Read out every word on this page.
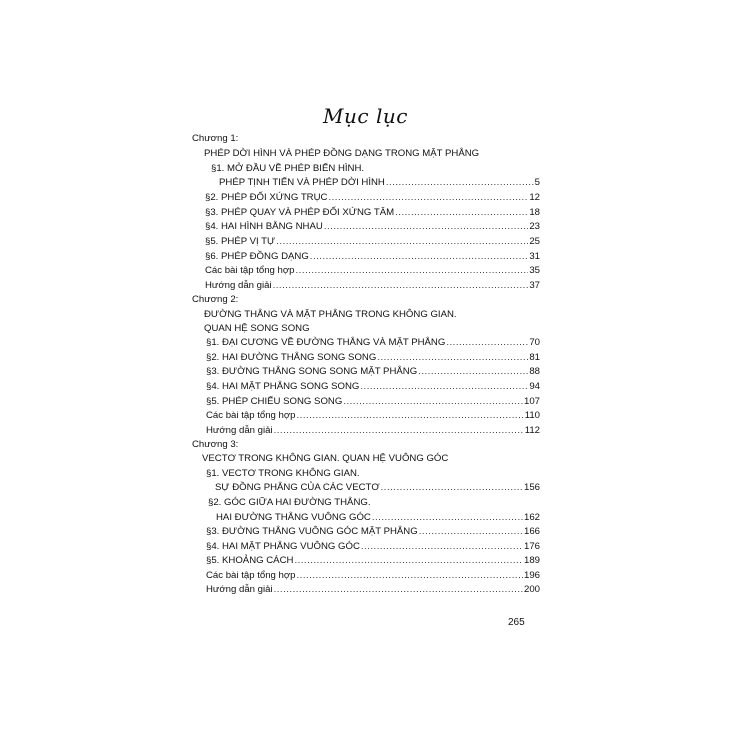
Mục lục
Chương 1:
PHÉP DỜI HÌNH VÀ PHÉP ĐỒNG DẠNG TRONG MẶT PHẲNG
§1. MỞ ĐẦU VỀ PHÉP BIẾN HÌNH.
PHÉP TỊNH TIẾN VÀ PHÉP DỜI HÌNH .....	5
§2. PHÉP ĐỐI XỨNG TRỤC .....	12
§3. PHÉP QUAY VÀ PHÉP ĐỐI XỨNG TÂM .....	18
§4. HAI HÌNH BẰNG NHAU .....	23
§5. PHÉP VỊ TỰ .....	25
§6. PHÉP ĐỒNG DẠNG .....	31
Các bài tập tổng hợp .....	35
Hướng dẫn giải .....	37
Chương 2:
ĐƯỜNG THẲNG VÀ MẶT PHẲNG TRONG KHÔNG GIAN.
QUAN HỆ SONG SONG
§1. ĐẠI CƯƠNG VỀ ĐƯỜNG THẲNG VÀ MẶT PHẲNG .....	70
§2. HAI ĐƯỜNG THẲNG SONG SONG .....	81
§3. ĐƯỜNG THẲNG SONG SONG MẶT PHẲNG .....	88
§4. HAI MẶT PHẲNG SONG SONG .....	94
§5. PHÉP CHIẾU SONG SONG .....	107
Các bài tập tổng hợp .....	110
Hướng dẫn giải .....	112
Chương 3:
VECTƠ TRONG KHÔNG GIAN. QUAN HỆ VUÔNG GÓC
§1. VECTƠ TRONG KHÔNG GIAN.
SỰ ĐỒNG PHẲNG CỦA CÁC VECTƠ .....	156
§2. GÓC GIỮA HAI ĐƯỜNG THẲNG.
HAI ĐƯỜNG THẲNG VUÔNG GÓC .....	162
§3. ĐƯỜNG THẲNG VUÔNG GÓC MẶT PHẲNG .....	166
§4. HAI MẶT PHẲNG VUÔNG GÓC .....	176
§5. KHOẢNG CÁCH .....	189
Các bài tập tổng hợp .....	196
Hướng dẫn giải .....	200
265
